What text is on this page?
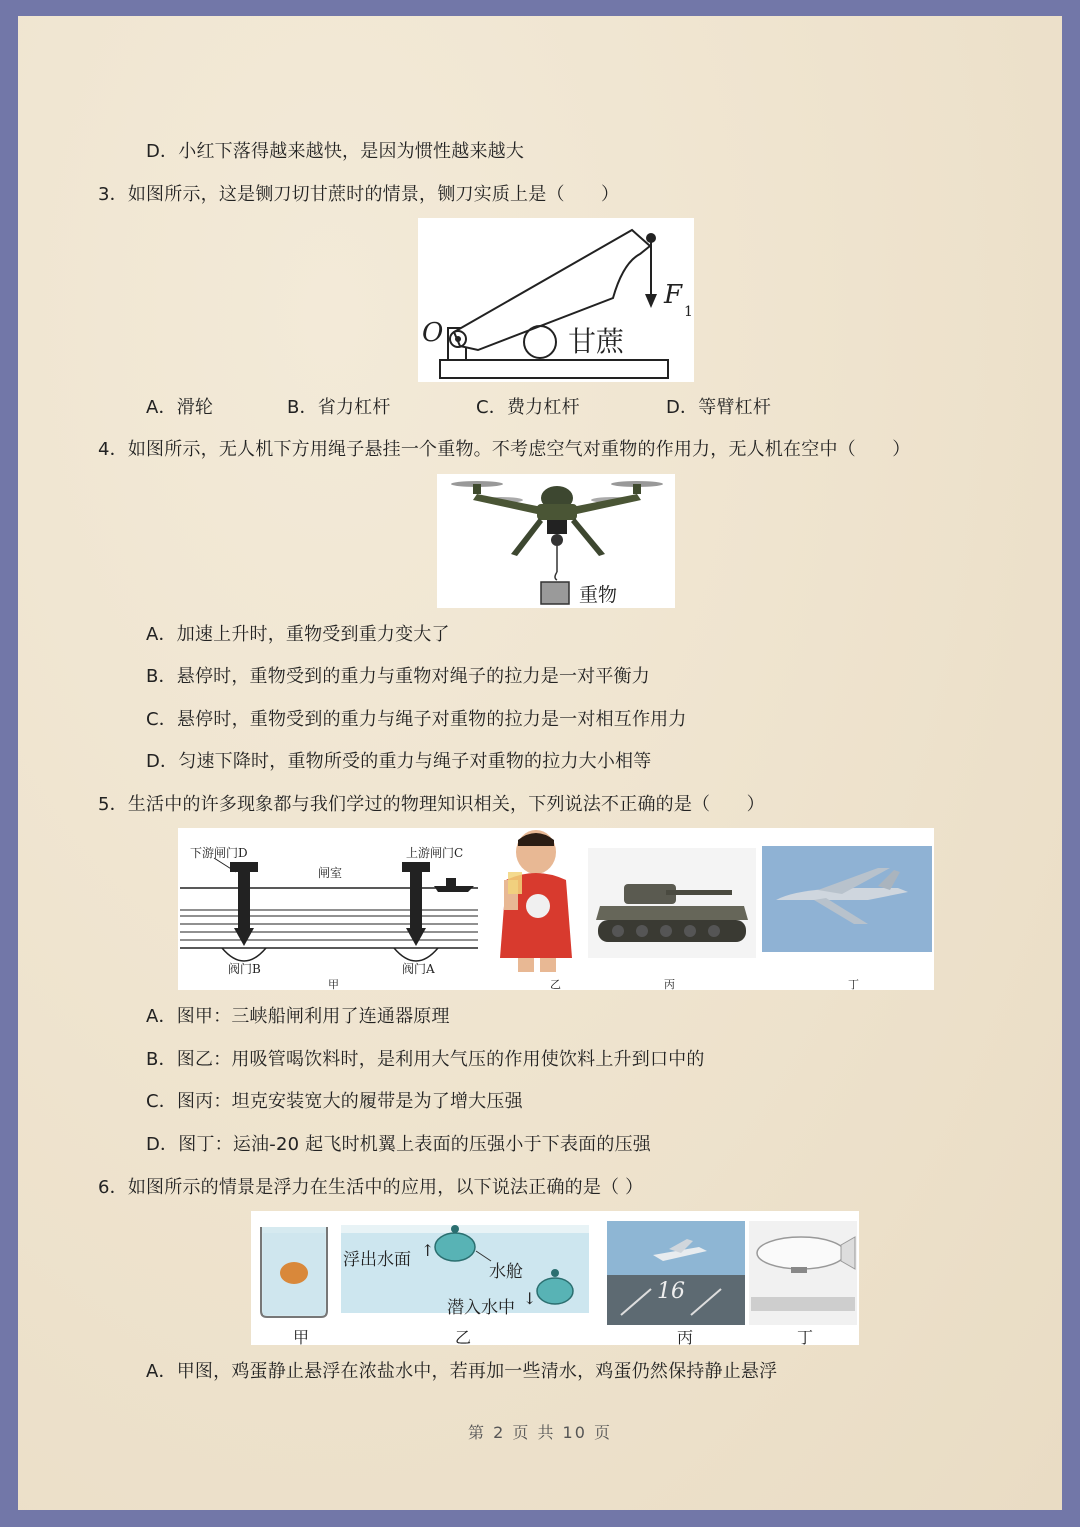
D．小红下落得越来越快，是因为惯性越来越大
3．如图所示，这是铡刀切甘蔗时的情景，铡刀实质上是（　　）
O
F
1
甘蔗
A．滑轮	B．省力杠杆	C．费力杠杆	D．等臂杠杆
4．如图所示，无人机下方用绳子悬挂一个重物。不考虑空气对重物的作用力，无人机在空中（　　）
重物
A．加速上升时，重物受到重力变大了
B．悬停时，重物受到的重力与重物对绳子的拉力是一对平衡力
C．悬停时，重物受到的重力与绳子对重物的拉力是一对相互作用力
D．匀速下降时，重物所受的重力与绳子对重物的拉力大小相等
5．生活中的许多现象都与我们学过的物理知识相关，下列说法不正确的是（　　）
下游闸门D	上游闸门C
闸室
阀门B	阀门A
甲	乙	丙	丁
A．图甲：三峡船闸利用了连通器原理
B．图乙：用吸管喝饮料时，是利用大气压的作用使饮料上升到口中的
C．图丙：坦克安装宽大的履带是为了增大压强
D．图丁：运油-20 起飞时机翼上表面的压强小于下表面的压强
6．如图所示的情景是浮力在生活中的应用，以下说法正确的是（ ）
浮出水面 ↑
水舱
潜入水中 ↓	16
甲	乙	丙	丁
A．甲图，鸡蛋静止悬浮在浓盐水中，若再加一些清水，鸡蛋仍然保持静止悬浮
第 2 页 共 10 页
